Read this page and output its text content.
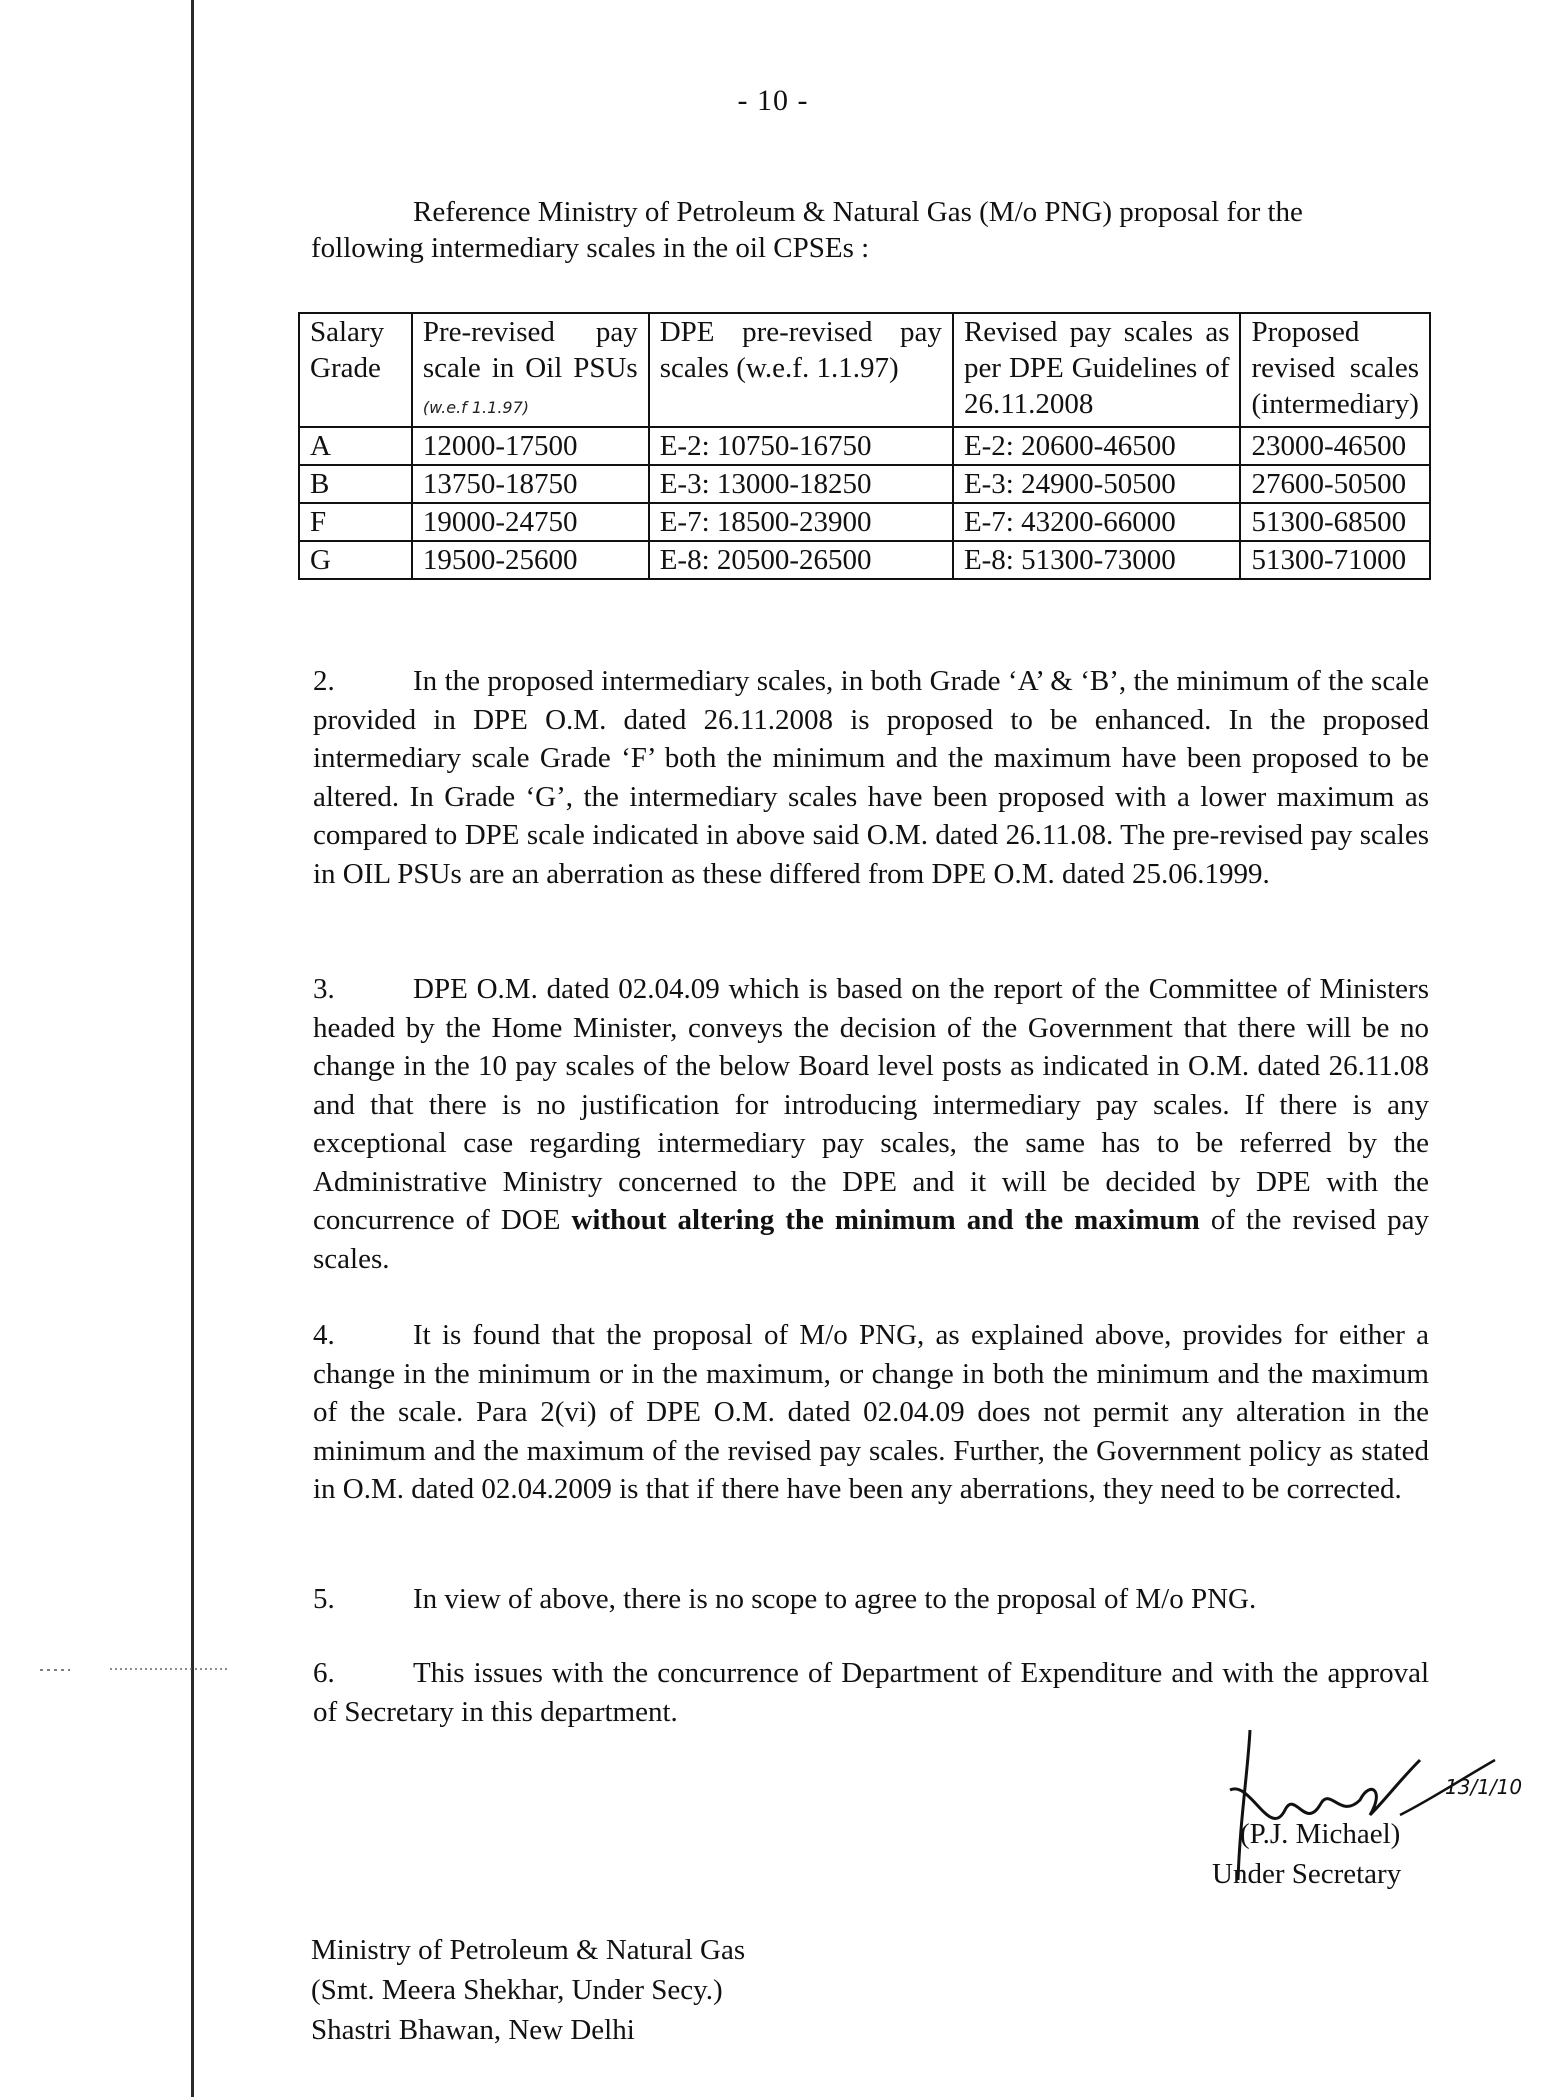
- 10 -

Reference Ministry of Petroleum & Natural Gas (M/o PNG) proposal for the
following intermediary scales in the oil CPSEs :

Salary Grade	Pre-revised pay scale in Oil PSUs (w.e.f 1.1.97)	DPE pre-revised pay scales (w.e.f. 1.1.97)	Revised pay scales as per DPE Guidelines of 26.11.2008	Proposed revised scales (intermediary)
A	12000-17500	E-2: 10750-16750	E-2: 20600-46500	23000-46500
B	13750-18750	E-3: 13000-18250	E-3: 24900-50500	27600-50500
F	19000-24750	E-7: 18500-23900	E-7: 43200-66000	51300-68500
G	19500-25600	E-8: 20500-26500	E-8: 51300-73000	51300-71000

2.	In the proposed intermediary scales, in both Grade ‘A’ & ‘B’, the minimum of the scale provided in DPE O.M. dated 26.11.2008 is proposed to be enhanced. In the proposed intermediary scale Grade ‘F’ both the minimum and the maximum have been proposed to be altered. In Grade ‘G’, the intermediary scales have been proposed with a lower maximum as compared to DPE scale indicated in above said O.M. dated 26.11.08. The pre-revised pay scales in OIL PSUs are an aberration as these differed from DPE O.M. dated 25.06.1999.

3.	DPE O.M. dated 02.04.09 which is based on the report of the Committee of Ministers headed by the Home Minister, conveys the decision of the Government that there will be no change in the 10 pay scales of the below Board level posts as indicated in O.M. dated 26.11.08 and that there is no justification for introducing intermediary pay scales. If there is any exceptional case regarding intermediary pay scales, the same has to be referred by the Administrative Ministry concerned to the DPE and it will be decided by DPE with the concurrence of DOE without altering the minimum and the maximum of the revised pay scales.

4.	It is found that the proposal of M/o PNG, as explained above, provides for either a change in the minimum or in the maximum, or change in both the minimum and the maximum of the scale. Para 2(vi) of DPE O.M. dated 02.04.09 does not permit any alteration in the minimum and the maximum of the revised pay scales. Further, the Government policy as stated in O.M. dated 02.04.2009 is that if there have been any aberrations, they need to be corrected.

5.	In view of above, there is no scope to agree to the proposal of M/o PNG.

6.	This issues with the concurrence of Department of Expenditure and with the approval of Secretary in this department.

13/1/10
(P.J. Michael)
Under Secretary
Ministry of Petroleum & Natural Gas
(Smt. Meera Shekhar, Under Secy.)
Shastri Bhawan, New Delhi
